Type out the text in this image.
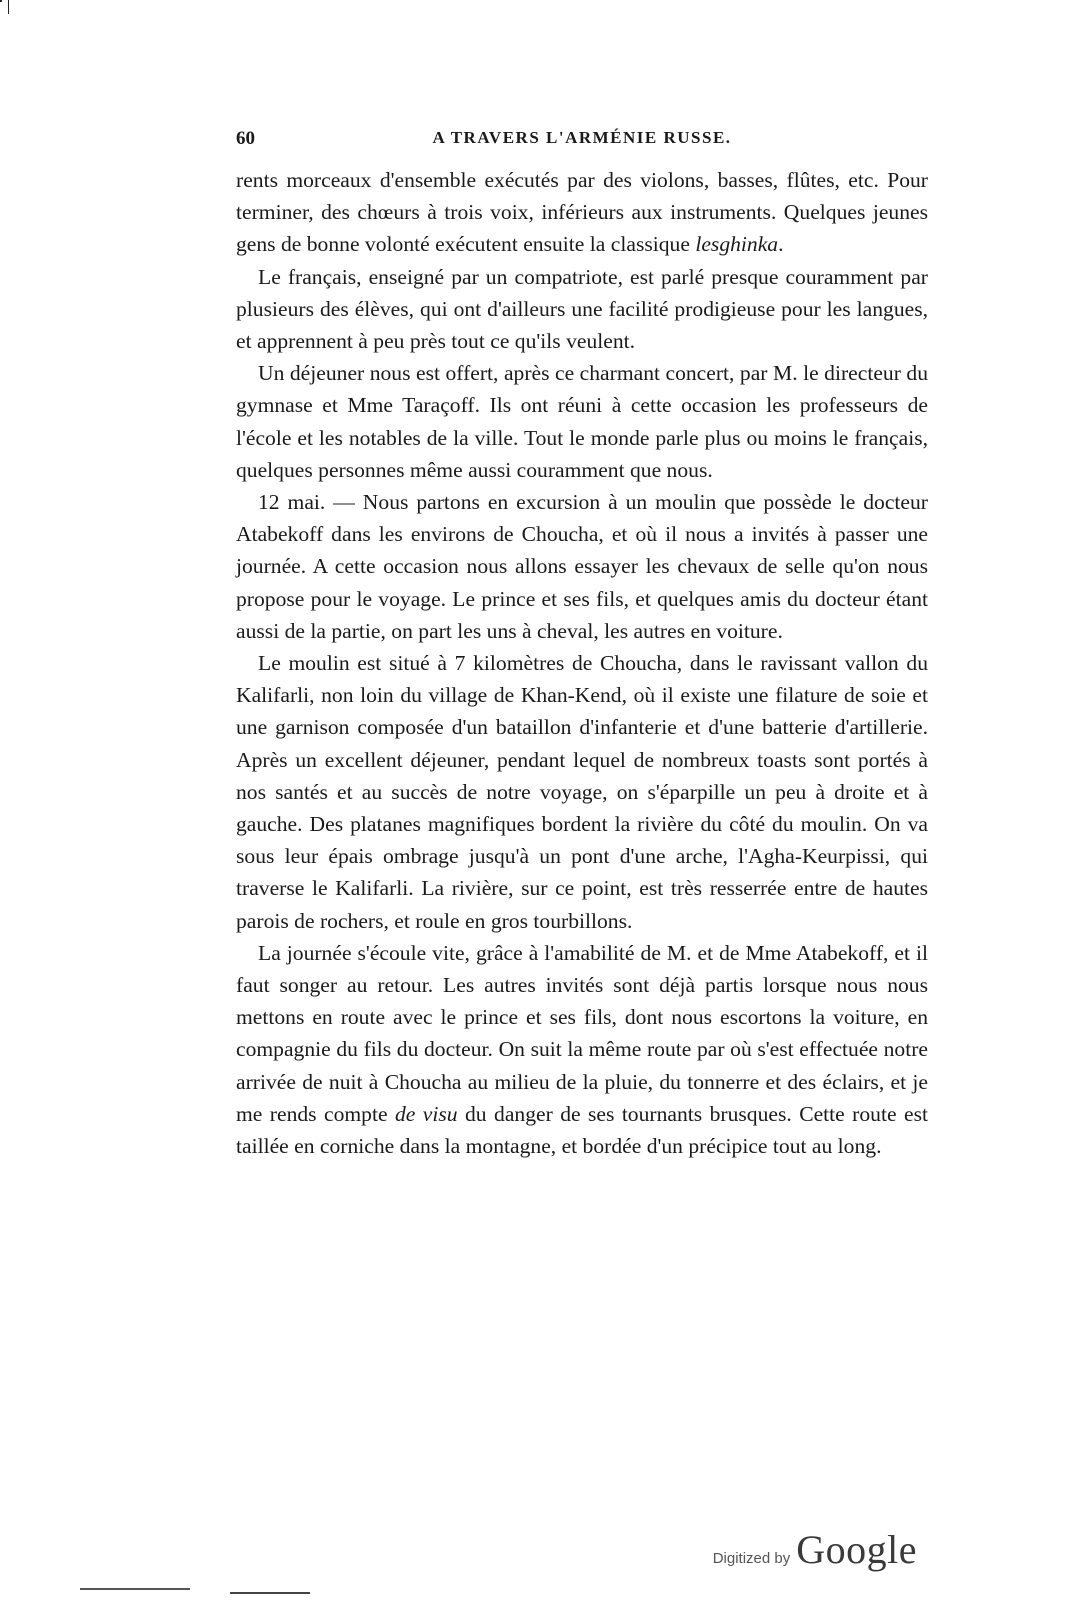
60	A TRAVERS L'ARMÉNIE RUSSE.

rents morceaux d'ensemble exécutés par des violons, basses, flûtes, etc. Pour terminer, des chœurs à trois voix, inférieurs aux instruments. Quelques jeunes gens de bonne volonté exécutent ensuite la classique lesghinka.

Le français, enseigné par un compatriote, est parlé presque couramment par plusieurs des élèves, qui ont d'ailleurs une facilité prodigieuse pour les langues, et apprennent à peu près tout ce qu'ils veulent.

Un déjeuner nous est offert, après ce charmant concert, par M. le directeur du gymnase et Mme Taraçoff. Ils ont réuni à cette occasion les professeurs de l'école et les notables de la ville. Tout le monde parle plus ou moins le français, quelques personnes même aussi couramment que nous.

12 mai. — Nous partons en excursion à un moulin que possède le docteur Atabekoff dans les environs de Choucha, et où il nous a invités à passer une journée. A cette occasion nous allons essayer les chevaux de selle qu'on nous propose pour le voyage. Le prince et ses fils, et quelques amis du docteur étant aussi de la partie, on part les uns à cheval, les autres en voiture.

Le moulin est situé à 7 kilomètres de Choucha, dans le ravissant vallon du Kalifarli, non loin du village de Khan-Kend, où il existe une filature de soie et une garnison composée d'un bataillon d'infanterie et d'une batterie d'artillerie. Après un excellent déjeuner, pendant lequel de nombreux toasts sont portés à nos santés et au succès de notre voyage, on s'éparpille un peu à droite et à gauche. Des platanes magnifiques bordent la rivière du côté du moulin. On va sous leur épais ombrage jusqu'à un pont d'une arche, l'Agha-Keurpissi, qui traverse le Kalifarli. La rivière, sur ce point, est très resserrée entre de hautes parois de rochers, et roule en gros tourbillons.

La journée s'écoule vite, grâce à l'amabilité de M. et de Mme Atabekoff, et il faut songer au retour. Les autres invités sont déjà partis lorsque nous nous mettons en route avec le prince et ses fils, dont nous escortons la voiture, en compagnie du fils du docteur. On suit la même route par où s'est effectuée notre arrivée de nuit à Choucha au milieu de la pluie, du tonnerre et des éclairs, et je me rends compte de visu du danger de ses tournants brusques. Cette route est taillée en corniche dans la montagne, et bordée d'un précipice tout au long.

Digitized by Google
